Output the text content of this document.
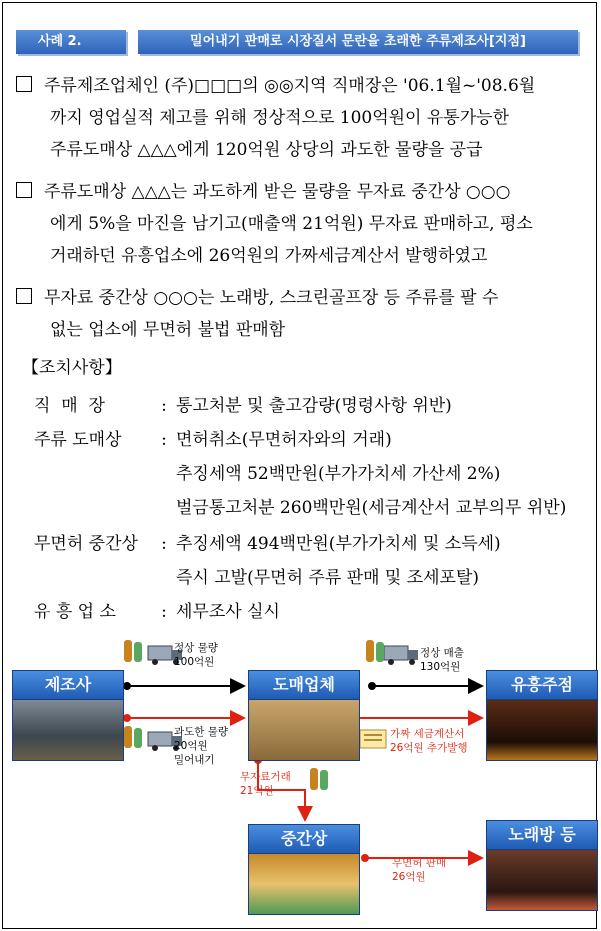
사례 2.	밀어내기 판매로 시장질서 문란을 초래한 주류제조사[지점]
주류제조업체인 (주)□□□의 ◎◎지역 직매장은 '06.1월~'08.6월
까지 영업실적 제고를 위해 정상적으로 100억원이 유통가능한
주류도매상 △△△에게 120억원 상당의 과도한 물량을 공급
주류도매상 △△△는 과도하게 받은 물량을 무자료 중간상 ○○○
에게 5%을 마진을 남기고(매출액 21억원) 무자료 판매하고, 평소
거래하던 유흥업소에 26억원의 가짜세금계산서 발행하였고
무자료 중간상 ○○○는 노래방, 스크린골프장 등 주류를 팔 수
없는 업소에 무면허 불법 판매함
【조치사항】
직  매  장	: 통고처분 및 출고감량(명령사항 위반)
주류 도매상 : 면허취소(무면허자와의 거래)
추징세액 52백만원(부가가치세 가산세 2%)
벌금통고처분 260백만원(세금계산서 교부의무 위반)
무면허 중간상 : 추징세액 494백만원(부가가치세 및 소득세)
즉시 고발(무면허 주류 판매 및 조세포탈)
유 흥 업 소	: 세무조사 실시
제조사	도매업체	유흥주점
중간상	노래방 등
정상 물량
100억원
과도한 물량
20억원
밀어내기
정상 매출
130억원
가짜 세금계산서
26억원 추가발행
무자료거래
21억원
무면허 판매
26억원
